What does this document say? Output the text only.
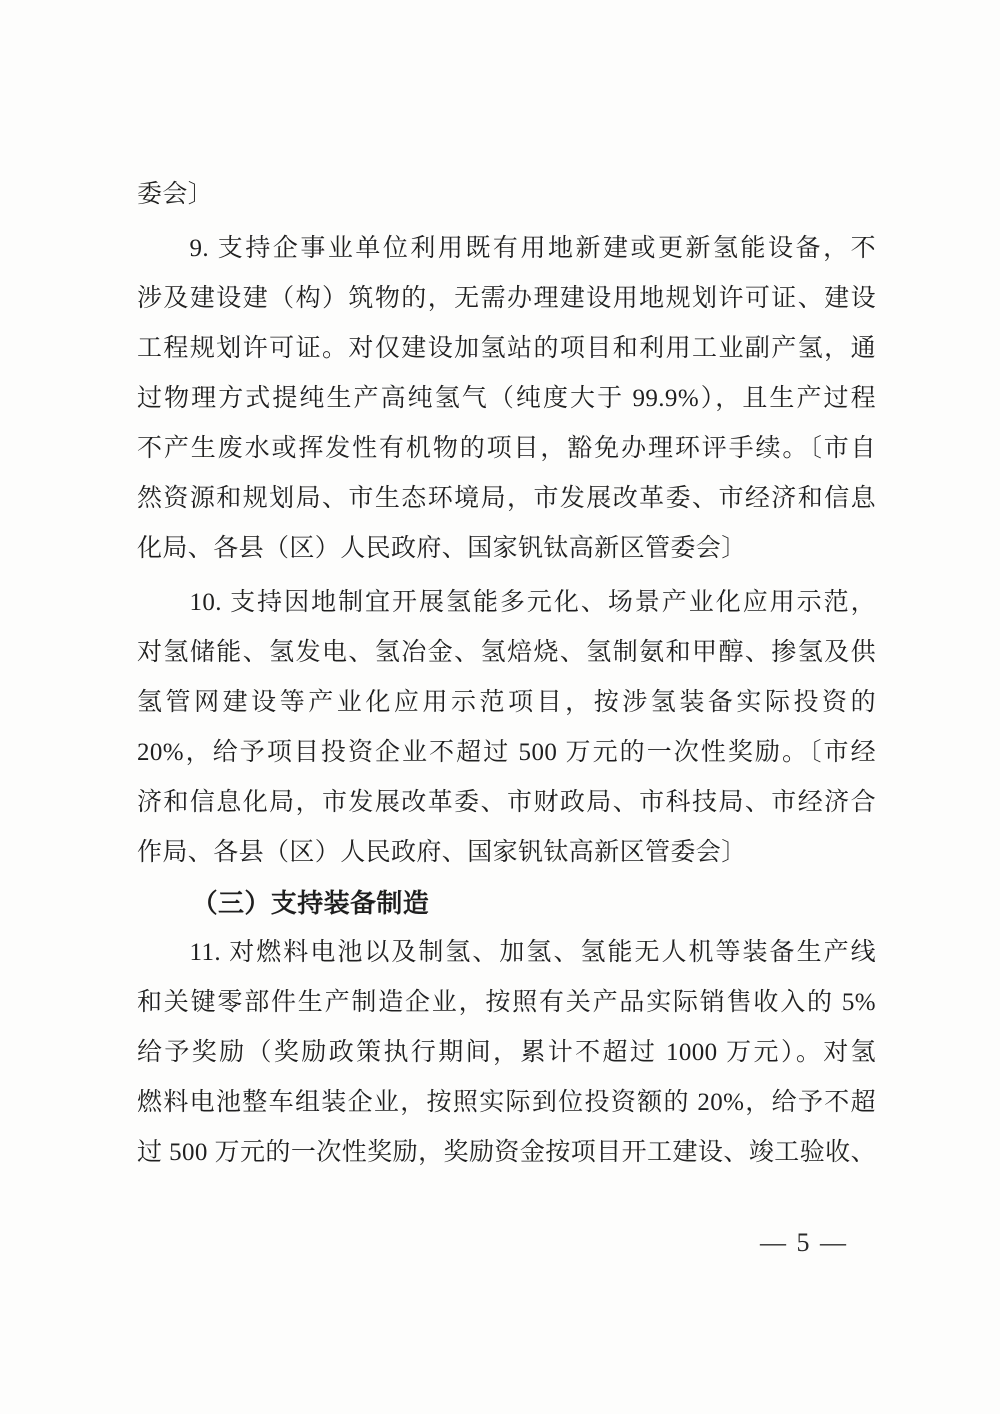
委会〕
9. 支持企事业单位利用既有用地新建或更新氢能设备，不
涉及建设建（构）筑物的，无需办理建设用地规划许可证、建设
工程规划许可证。对仅建设加氢站的项目和利用工业副产氢，通
过物理方式提纯生产高纯氢气（纯度大于 99.9%），且生产过程
不产生废水或挥发性有机物的项目，豁免办理环评手续。〔市自
然资源和规划局、市生态环境局，市发展改革委、市经济和信息
化局、各县（区）人民政府、国家钒钛高新区管委会〕
10. 支持因地制宜开展氢能多元化、场景产业化应用示范，
对氢储能、氢发电、氢冶金、氢焙烧、氢制氨和甲醇、掺氢及供
氢管网建设等产业化应用示范项目，按涉氢装备实际投资的
20%，给予项目投资企业不超过 500 万元的一次性奖励。〔市经
济和信息化局，市发展改革委、市财政局、市科技局、市经济合
作局、各县（区）人民政府、国家钒钛高新区管委会〕
（三）支持装备制造
11. 对燃料电池以及制氢、加氢、氢能无人机等装备生产线
和关键零部件生产制造企业，按照有关产品实际销售收入的 5%
给予奖励（奖励政策执行期间，累计不超过 1000 万元）。对氢
燃料电池整车组装企业，按照实际到位投资额的 20%，给予不超
过 500 万元的一次性奖励，奖励资金按项目开工建设、竣工验收、
— 5 —
